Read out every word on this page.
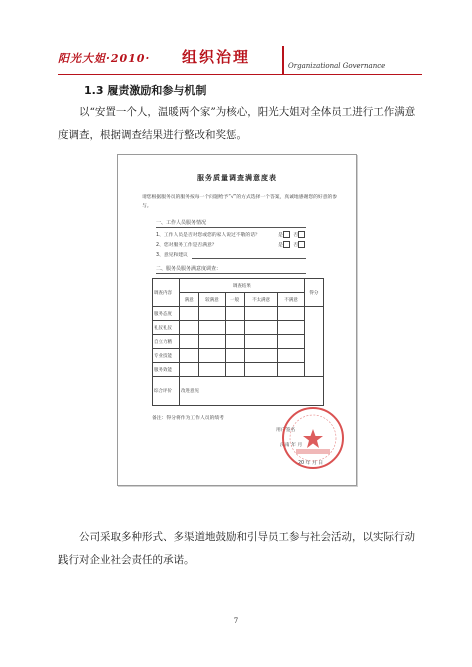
阳光大姐·2010· 组织治理	Organizational Governance
1.3 履责激励和参与机制
以“安置一个人，温暖两个家”为核心，阳光大姐对全体员工进行工作满意度调查，根据调查结果进行整改和奖惩。
服务质量调查满意度表
请您根据服务员的服务按每一个问题给予“√”的方式选择一个答案，真诚地感谢您的好意的参与。
一、工作人员服务情况
1、工作人员是否对您或您的家人说过不敬的话？	是 否
2、您对服务工作是否满意？	是 否
3、意见和建议
二、服务员服务满意度调查：
调查内容	调查结果					得分
	满意	较满意	一般	不太满意	不满意	
服务态度						
礼仪礼仪						
自立力精						
专业技能						
服务效能						
综合评价	改进意见					
备注：得分将作为工作人员的绩考
用户签名
济南 年 月
20 年 月 日
公司采取多种形式、多渠道地鼓励和引导员工参与社会活动，以实际行动践行对企业社会责任的承诺。
7
